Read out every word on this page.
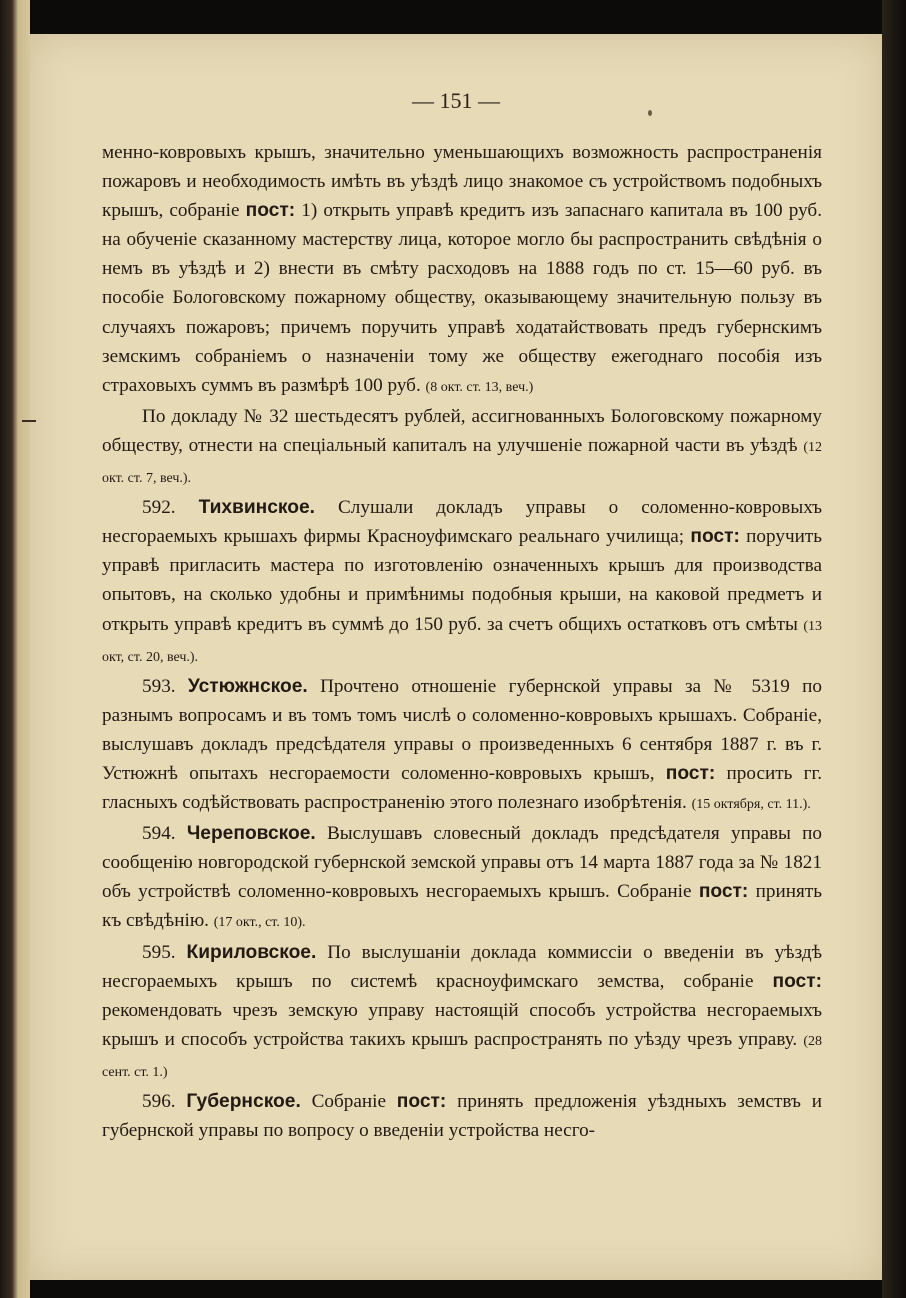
— 151 —

менно-ковровыхъ крышъ, значительно уменьшающихъ возможность распространенія пожаровъ и необходимость имѣть въ уѣздѣ лицо знакомое съ устройствомъ подобныхъ крышъ, собраніе пост: 1) открыть управѣ кредитъ изъ запаснаго капитала въ 100 руб. на обученіе сказанному мастерству лица, которое могло бы распространить свѣдѣнія о немъ въ уѣздѣ и 2) внести въ смѣту расходовъ на 1888 годъ по ст. 15—60 руб. въ пособіе Бологовскому пожарному обществу, оказывающему значительную пользу въ случаяхъ пожаровъ; причемъ поручить управѣ ходатайствовать предъ губернскимъ земскимъ собраніемъ о назначеніи тому же обществу ежегоднаго пособія изъ страховыхъ суммъ въ размѣрѣ 100 руб. (8 окт. ст. 13, веч.)

По докладу № 32 шестьдесятъ рублей, ассигнованныхъ Бологовскому пожарному обществу, отнести на спеціальный капиталъ на улучшеніе пожарной части въ уѣздѣ (12 окт. ст. 7, веч.).

592. Тихвинское. Слушали докладъ управы о соломенно-ковровыхъ несгораемыхъ крышахъ фирмы Красноуфимскаго реальнаго училища; пост: поручить управѣ пригласить мастера по изготовленію означенныхъ крышъ для производства опытовъ, на сколько удобны и примѣнимы подобныя крыши, на каковой предметъ и открыть управѣ кредитъ въ суммѣ до 150 руб. за счетъ общихъ остатковъ отъ смѣты (13 окт, ст. 20, веч.).

593. Устюжнское. Прочтено отношеніе губернской управы за № 5319 по разнымъ вопросамъ и въ томъ томъ числѣ о соломенно-ковровыхъ крышахъ. Собраніе, выслушавъ докладъ предсѣдателя управы о произведенныхъ 6 сентября 1887 г. въ г. Устюжнѣ опытахъ несгораемости соломенно-ковровыхъ крышъ, пост: просить гг. гласныхъ содѣйствовать распространенію этого полезнаго изобрѣтенія. (15 октября, ст. 11.).

594. Череповское. Выслушавъ словесный докладъ предсѣдателя управы по сообщенію новгородской губернской земской управы отъ 14 марта 1887 года за № 1821 объ устройствѣ соломенно-ковровыхъ несгораемыхъ крышъ. Собраніе пост: принять къ свѣдѣнію. (17 окт., ст. 10).

595. Кириловское. По выслушаніи доклада коммиссіи о введеніи въ уѣздѣ несгораемыхъ крышъ по системѣ красноуфимскаго земства, собраніе пост: рекомендовать чрезъ земскую управу настоящій способъ устройства несгораемыхъ крышъ и способъ устройства такихъ крышъ распространять по уѣзду чрезъ управу. (28 сент. ст. 1.)

596. Губернское. Собраніе пост: принять предложенія уѣздныхъ земствъ и губернской управы по вопросу о введеніи устройства несго-
